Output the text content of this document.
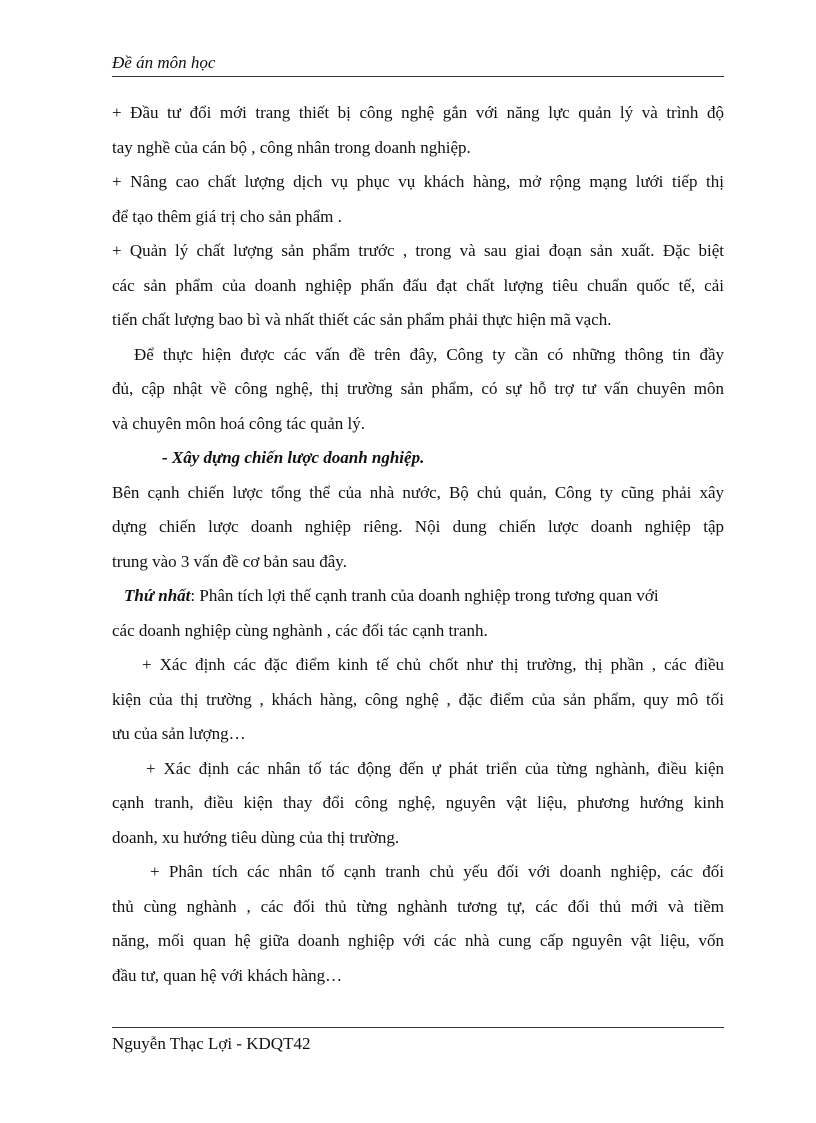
Đề án môn học
+ Đầu tư đổi mới trang thiết bị công nghệ gắn với năng lực quản lý và trình độ
tay nghề của cán bộ , công nhân trong doanh nghiệp.
+ Nâng cao chất lượng dịch vụ phục vụ khách hàng, mở rộng mạng lưới tiếp thị
để tạo thêm giá trị cho sản phẩm .
+ Quản lý chất lượng sản phẩm trước , trong và sau giai đoạn sản xuất. Đặc biệt
các sản phẩm của doanh nghiệp phấn đấu đạt chất lượng tiêu chuẩn quốc tế, cải
tiến chất lượng bao bì và nhất thiết các sản phẩm phải thực hiện mã vạch.
Để thực hiện được các vấn đề trên đây, Công ty cần có những thông tin đầy
đủ, cập nhật về công nghệ, thị trường sản phẩm, có sự hỗ trợ tư vấn chuyên môn
và chuyên môn hoá công tác quản lý.
- Xây dựng chiến lược doanh nghiệp.
Bên cạnh chiến lược tổng thể của nhà nước, Bộ chủ quản, Công ty cũng phải xây
dựng chiến lược doanh nghiệp riêng. Nội dung chiến lược doanh nghiệp tập
trung vào 3 vấn đề cơ bản sau đây.
Thứ nhất: Phân tích lợi thế cạnh tranh của doanh nghiệp trong tương quan với
các doanh nghiệp cùng nghành , các đối tác cạnh tranh.
+ Xác định các đặc điểm kinh tế chủ chốt như thị trường, thị phần , các điều
kiện của thị trường , khách hàng, công nghệ , đặc điểm của sản phẩm, quy mô tối
ưu của sản lượng…
+ Xác định các nhân tố tác động đến ự phát triển của từng nghành, điều kiện
cạnh tranh, điều kiện thay đổi công nghệ, nguyên vật liệu, phương hướng kinh
doanh, xu hướng tiêu dùng của thị trường.
+ Phân tích các nhân tố cạnh tranh chủ yếu đối với doanh nghiệp, các đối
thủ cùng nghành , các đối thủ từng nghành tương tự, các đối thủ mới và tiềm
năng, mối quan hệ giữa doanh nghiệp với các nhà cung cấp nguyên vật liệu, vốn
đầu tư, quan hệ với khách hàng…
Nguyễn Thạc Lợi - KDQT42
